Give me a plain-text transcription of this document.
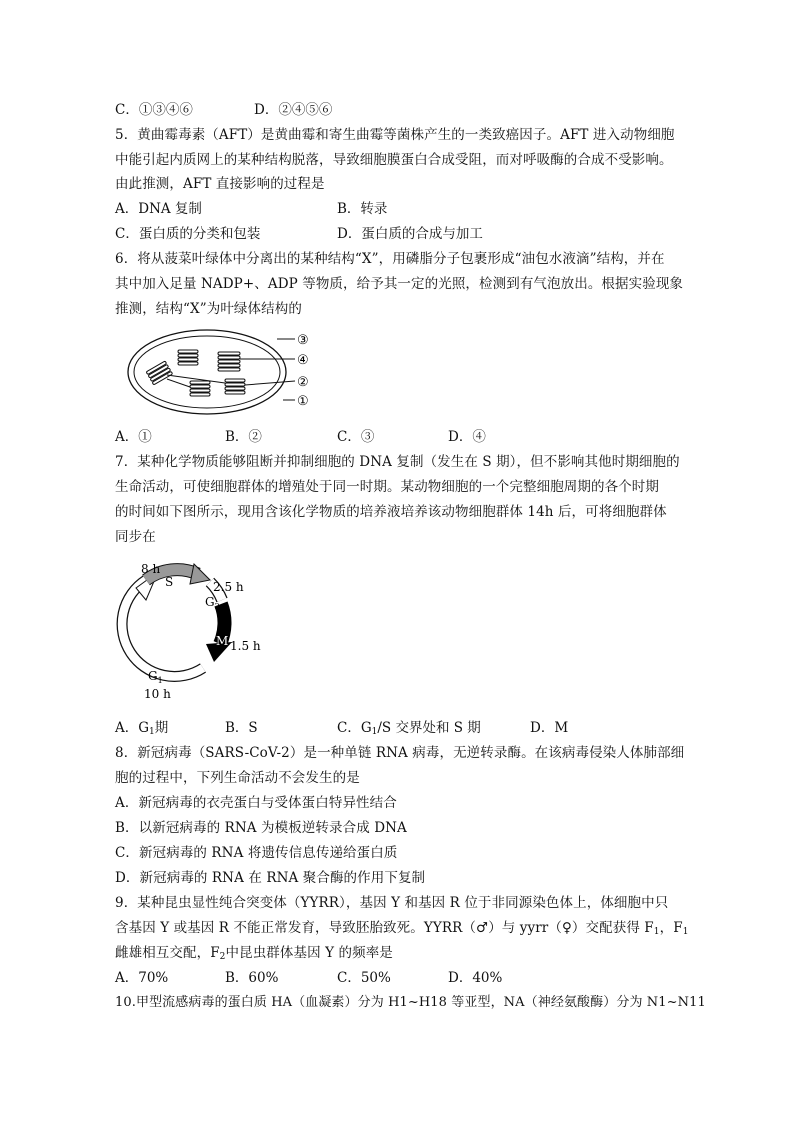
C．①③④⑥	D．②④⑤⑥
5．黄曲霉毒素（AFT）是黄曲霉和寄生曲霉等菌株产生的一类致癌因子。AFT 进入动物细胞
中能引起内质网上的某种结构脱落，导致细胞膜蛋白合成受阻，而对呼吸酶的合成不受影响。
由此推测，AFT 直接影响的过程是
A．DNA 复制	B．转录
C．蛋白质的分类和包装	D．蛋白质的合成与加工
6．将从菠菜叶绿体中分离出的某种结构“X”，用磷脂分子包裹形成“油包水液滴”结构，并在
其中加入足量 NADP+、ADP 等物质，给予其一定的光照，检测到有气泡放出。根据实验现象
推测，结构“X”为叶绿体结构的
③
④
②
①
A．①	B．②	C．③	D．④
7．某种化学物质能够阻断并抑制细胞的 DNA 复制（发生在 S 期），但不影响其他时期细胞的
生命活动，可使细胞群体的增殖处于同一时期。某动物细胞的一个完整细胞周期的各个时期
的时间如下图所示，现用含该化学物质的培养液培养该动物细胞群体 14h 后，可将细胞群体
同步在
8 h
S	2.5 h
$G_2$
M 1.5 h
$G_1$
10 h
A．$G_1$期	B．S	C．$G_1/S$ 交界处和 S 期	D．M
8．新冠病毒（SARS-CoV-2）是一种单链 RNA 病毒，无逆转录酶。在该病毒侵染人体肺部细
胞的过程中，下列生命活动不会发生的是
A．新冠病毒的衣壳蛋白与受体蛋白特异性结合
B．以新冠病毒的 RNA 为模板逆转录合成 DNA
C．新冠病毒的 RNA 将遗传信息传递给蛋白质
D．新冠病毒的 RNA 在 RNA 聚合酶的作用下复制
9．某种昆虫显性纯合突变体（YYRR），基因 Y 和基因 R 位于非同源染色体上，体细胞中只
含基因 Y 或基因 R 不能正常发育，导致胚胎致死。YYRR（♂）与 yyrr（♀）交配获得 $F_1$，$F_1$
雌雄相互交配，$F_2$中昆虫群体基因 Y 的频率是
A．70%	B．60%	C．50%	D．40%
10.甲型流感病毒的蛋白质 HA（血凝素）分为 H1~H18 等亚型，NA（神经氨酸酶）分为 N1~N11
